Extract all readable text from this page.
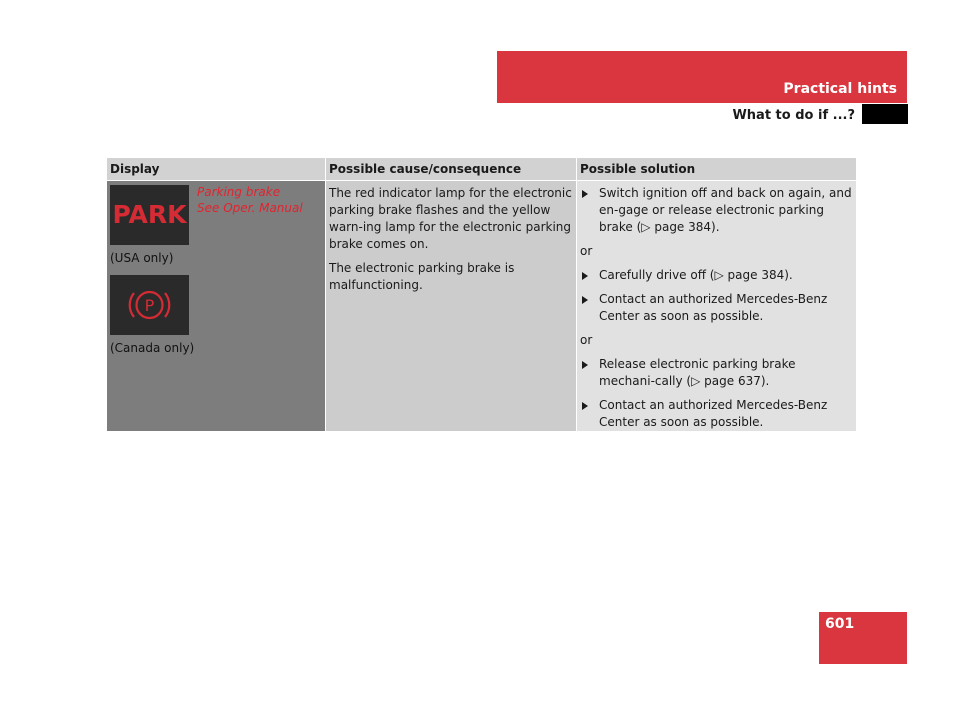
Practical hints
What to do if ...?
Display	Possible cause/consequence	Possible solution
PARK
Parking brake
See Oper. Manual
(USA only)
P
(Canada only)

The red indicator lamp for the electronic parking brake flashes and the yellow warn-ing lamp for the electronic parking brake comes on.

The electronic parking brake is malfunctioning.

Switch ignition off and back on again, and en-gage or release electronic parking brake (▷ page 384).

or

Carefully drive off (▷ page 384).

Contact an authorized Mercedes-Benz Center as soon as possible.

or

Release electronic parking brake mechani-cally (▷ page 637).

Contact an authorized Mercedes-Benz Center as soon as possible.

601
